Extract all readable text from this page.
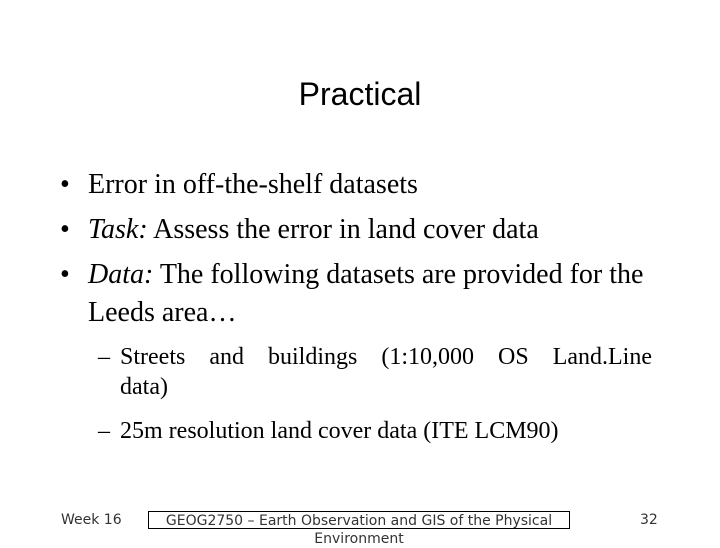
Practical
• Error in off-the-shelf datasets
• Task: Assess the error in land cover data
• Data: The following datasets are provided for the Leeds area…
– Streets and buildings (1:10,000 OS Land.Line
data)
– 25m resolution land cover data (ITE LCM90)
Week 16	GEOG2750 – Earth Observation and GIS of the Physical Environment
32
